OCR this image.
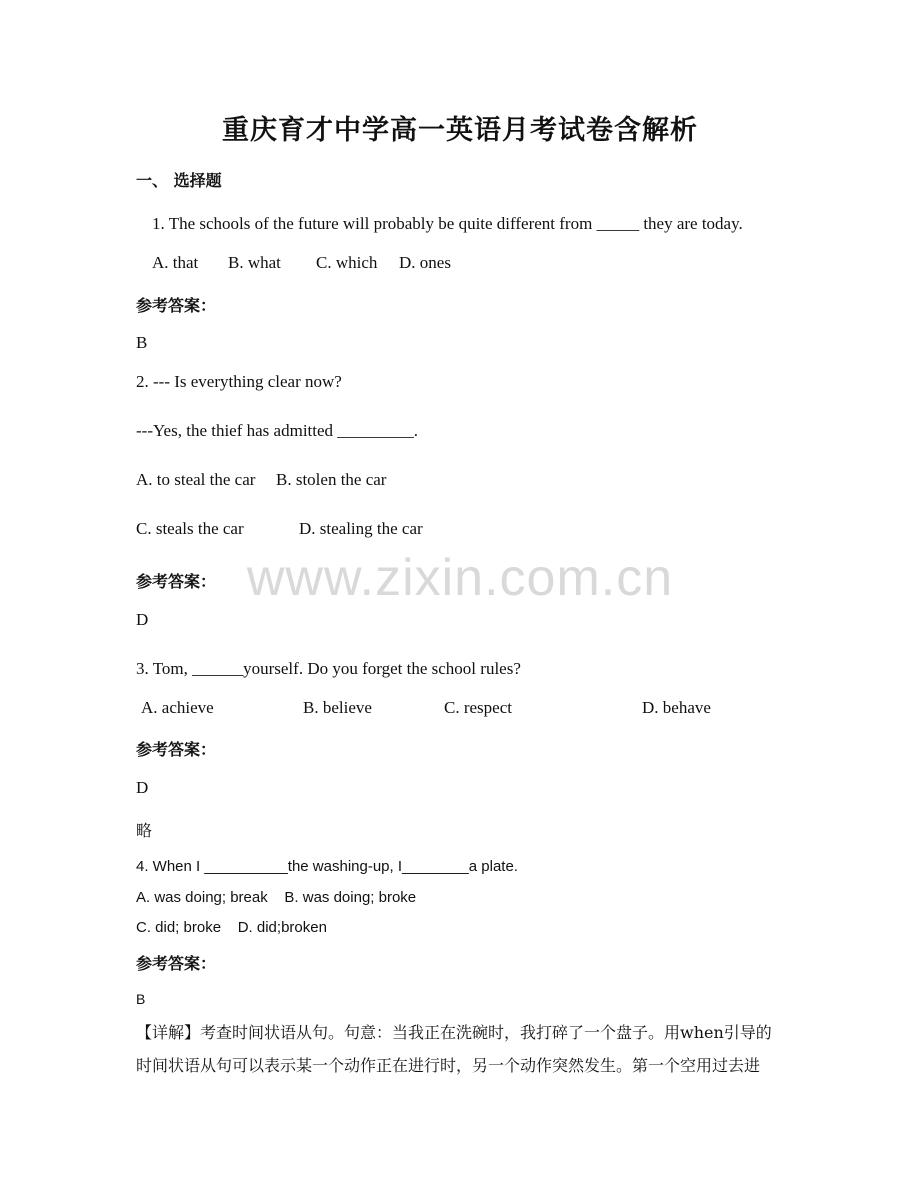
www.zixin.com.cn
重庆育才中学高一英语月考试卷含解析
一、 选择题
1. The schools of the future will probably be quite different from _____ they are today.
A. that B. what C. which D. ones
参考答案：
B
2. --- Is everything clear now?
---Yes, the thief has admitted _________.
A. to steal the car B. stolen the car
C. steals the car	D. stealing the car
参考答案：
D
3. Tom, ______yourself. Do you forget the school rules?
A. achieve	B. believe	C. respect	D. behave
参考答案：
D
略
4. When I __________the washing-up, I________a plate.
A. was doing; break    B. was doing; broke
C. did; broke    D. did;broken
参考答案：
B
【详解】考查时间状语从句。句意：当我正在洗碗时，我打碎了一个盘子。用when引导的
时间状语从句可以表示某一个动作正在进行时，另一个动作突然发生。第一个空用过去进
